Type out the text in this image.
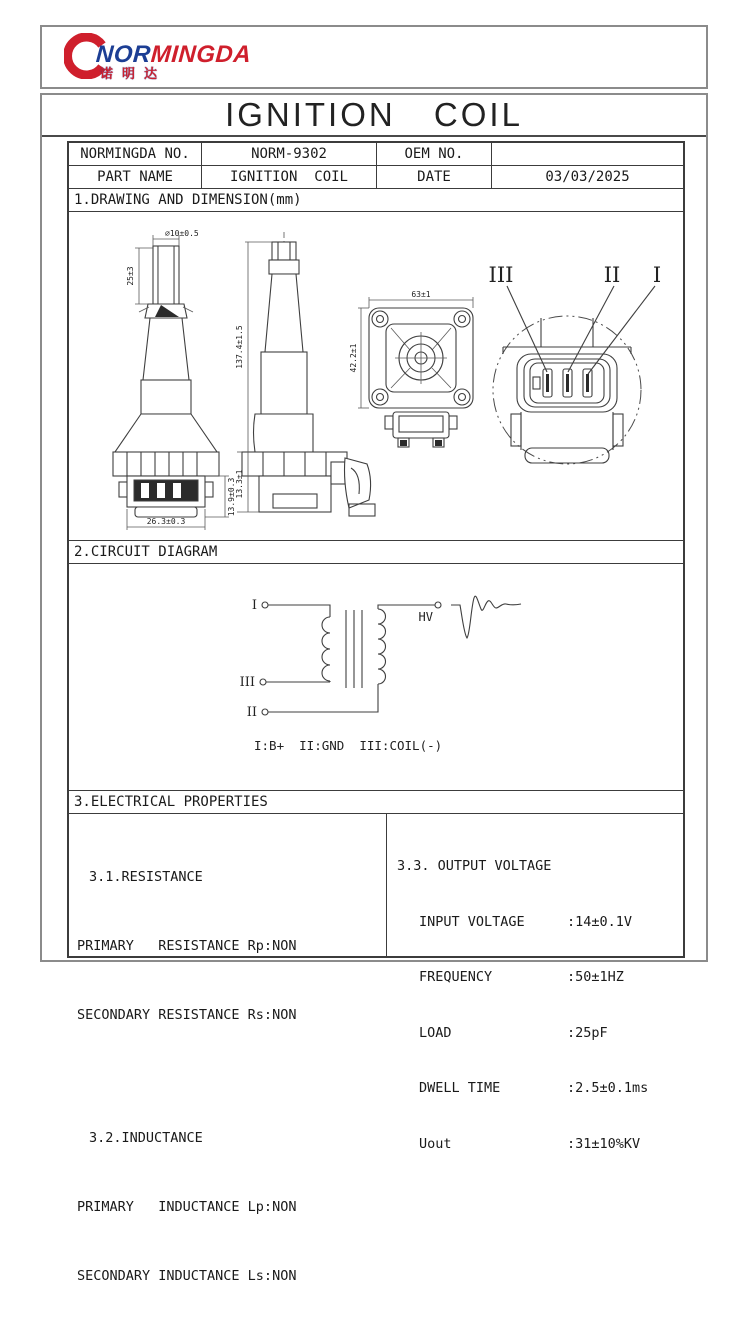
NORMINGDA
诺明达
IGNITION COIL
NORMINGDA NO.	NORM-9302	OEM NO.
PART NAME	IGNITION  COIL	DATE	03/03/2025
1.DRAWING AND DIMENSION(mm)
⌀10±0.5
25±3
26.3±0.3
13.9±0.3
137.4±1.5
13.3±1
63±1
42.2±1
III	II I
2.CIRCUIT DIAGRAM
I
III
HV
II
I:B+  II:GND  III:COIL(-)
3.ELECTRICAL PROPERTIES

3.1.RESISTANCE

PRIMARY   RESISTANCE Rp:NON

SECONDARY RESISTANCE Rs:NON

3.2.INDUCTANCE

PRIMARY   INDUCTANCE Lp:NON

SECONDARY INDUCTANCE Ls:NON

3.3. OUTPUT VOLTAGE

INPUT VOLTAGE	:14±0.1V

FREQUENCY	:50±1HZ

LOAD	:25pF

DWELL TIME	:2.5±0.1ms

Uout	:31±10%KV
